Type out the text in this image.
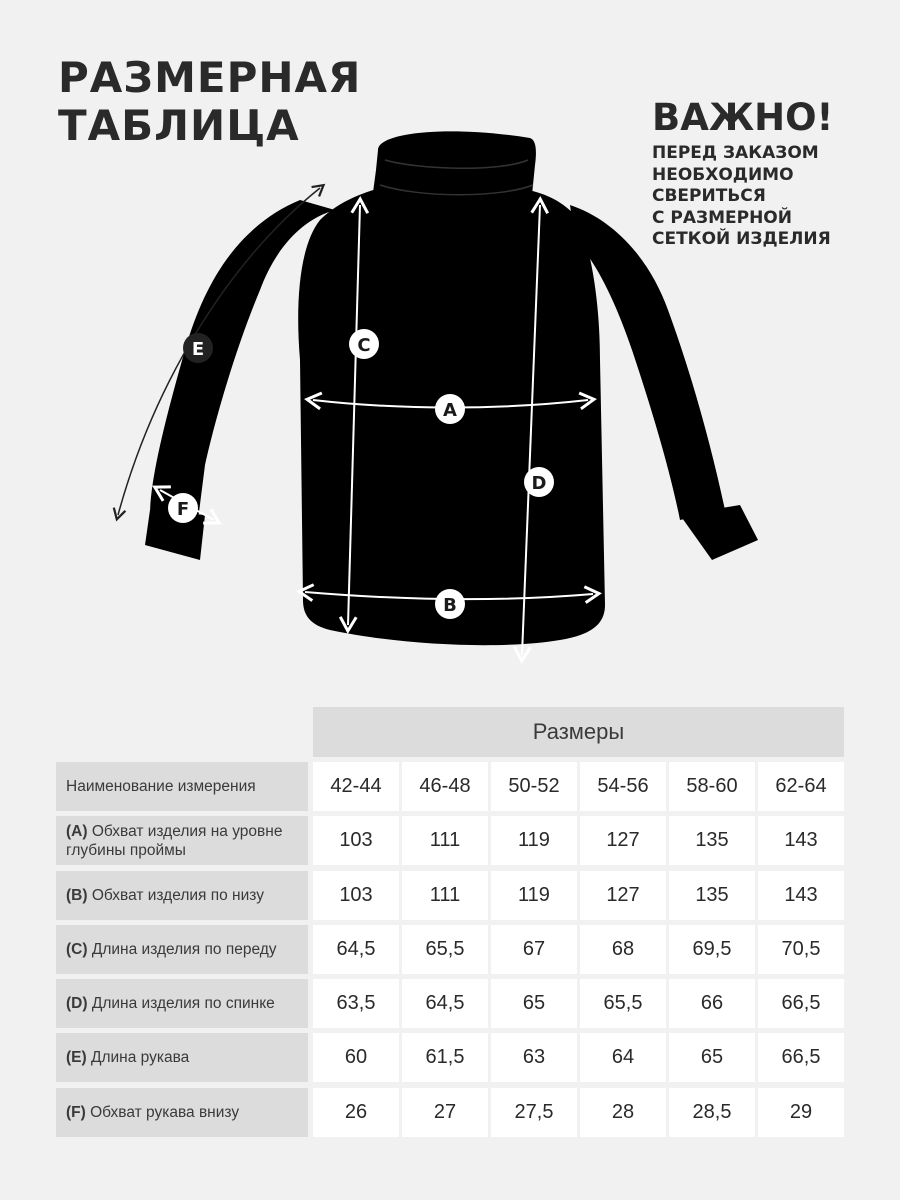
РАЗМЕРНАЯ
ТАБЛИЦА	ВАЖНО!
ПЕРЕД ЗАКАЗОМ
НЕОБХОДИМО
СВЕРИТЬСЯ
С РАЗМЕРНОЙ
СЕТКОЙ ИЗДЕЛИЯ
C
A
D
B
E
F
Размеры
Наименование измерения	42-44	46-48	50-52	54-56	58-60	62-64
(A) Обхват изделия на уровне глубины проймы	103	111	119	127	135	143
(B) Обхват изделия по низу	103	111	119	127	135	143
(C) Длина изделия по переду	64,5	65,5	67	68	69,5	70,5
(D) Длина изделия по спинке	63,5	64,5	65	65,5	66	66,5
(E) Длина рукава	60	61,5	63	64	65	66,5
(F) Обхват рукава внизу	26	27	27,5	28	28,5	29
